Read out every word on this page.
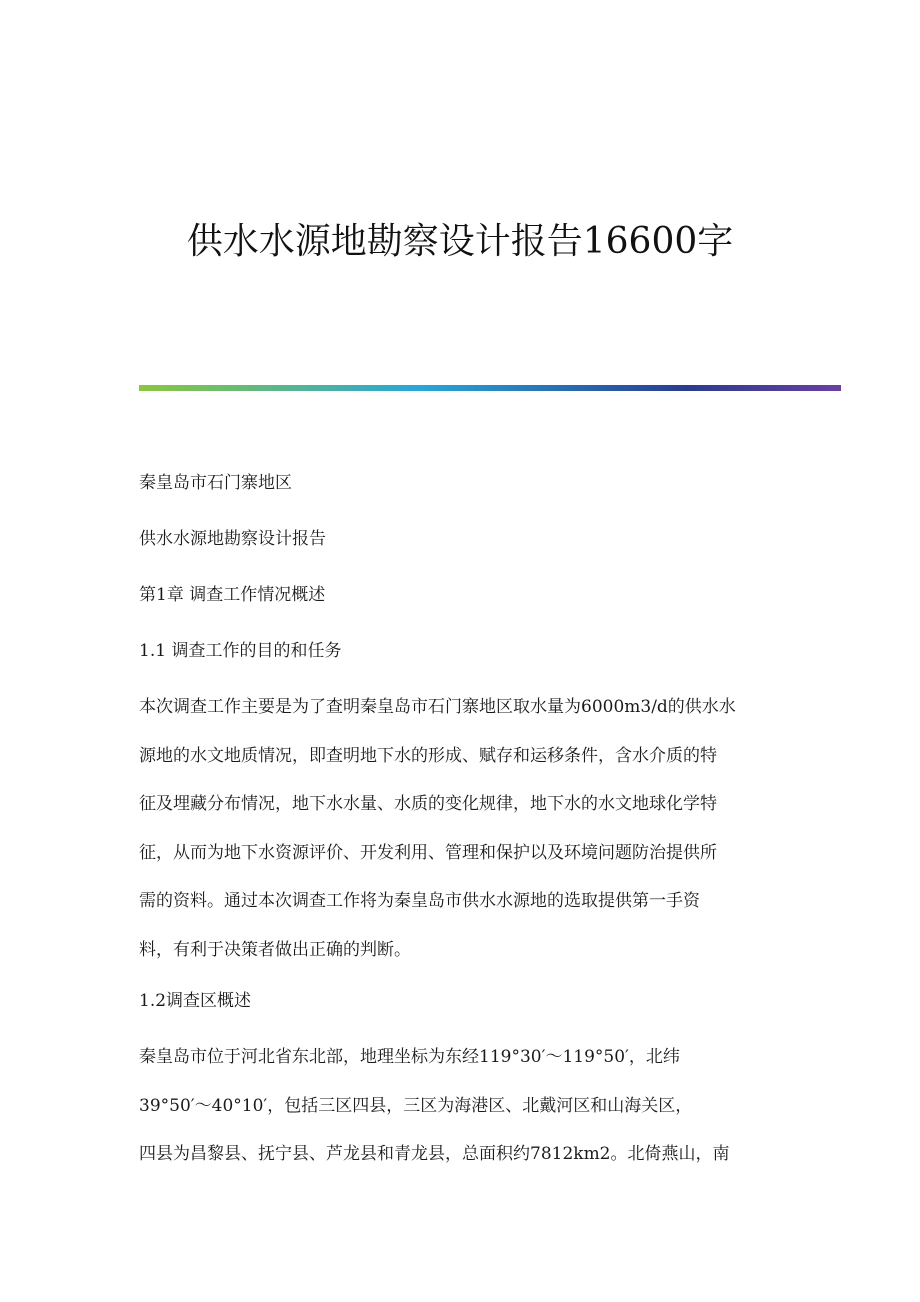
供水水源地勘察设计报告16600字

秦皇岛市石门寨地区

供水水源地勘察设计报告

第1章 调查工作情况概述

1.1 调查工作的目的和任务

本次调查工作主要是为了查明秦皇岛市石门寨地区取水量为6000m3/d的供水水
源地的水文地质情况，即查明地下水的形成、赋存和运移条件，含水介质的特
征及埋藏分布情况，地下水水量、水质的变化规律，地下水的水文地球化学特
征，从而为地下水资源评价、开发利用、管理和保护以及环境问题防治提供所
需的资料。通过本次调查工作将为秦皇岛市供水水源地的选取提供第一手资
料，有利于决策者做出正确的判断。

1.2调查区概述

秦皇岛市位于河北省东北部，地理坐标为东经119°30′～119°50′，北纬
39°50′～40°10′，包括三区四县，三区为海港区、北戴河区和山海关区，
四县为昌黎县、抚宁县、芦龙县和青龙县，总面积约7812km2。北倚燕山，南
